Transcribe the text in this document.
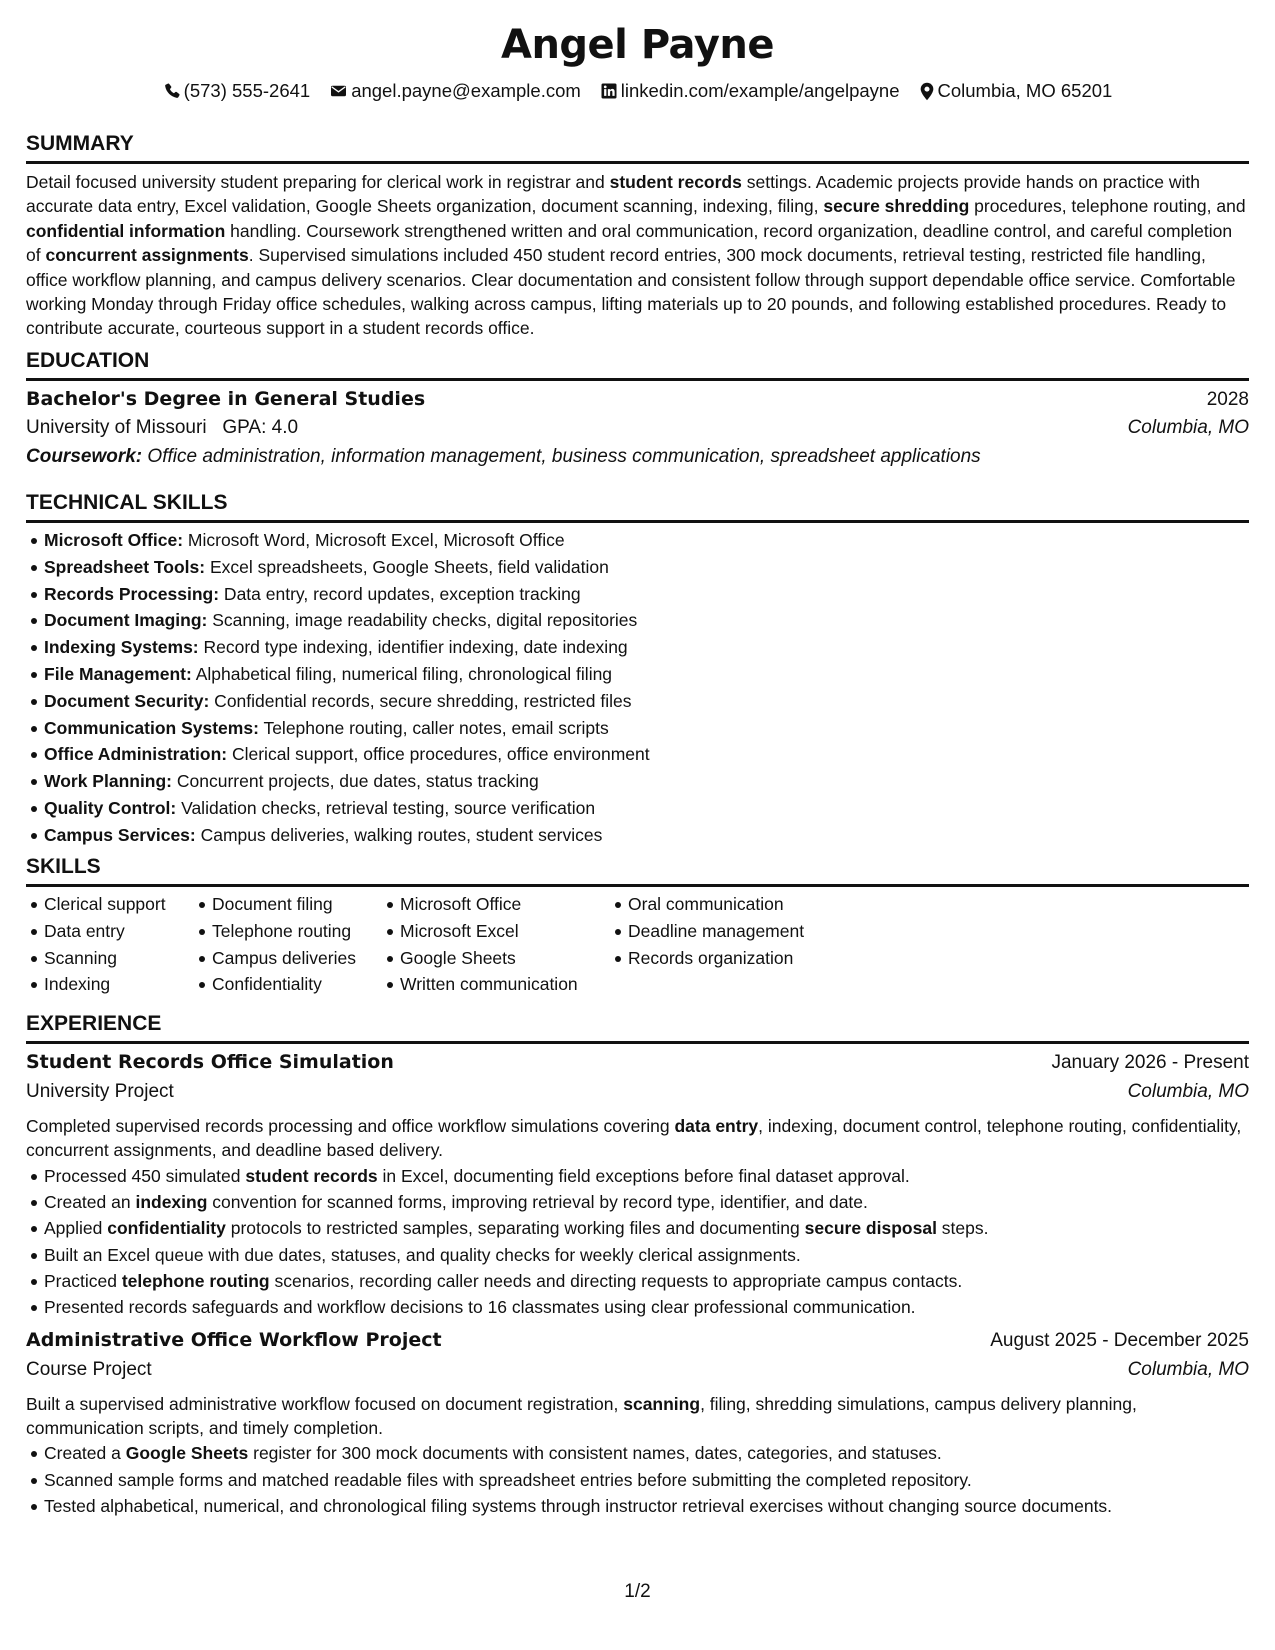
Angel Payne
(573) 555-2641 angel.payne@example.com linkedin.com/example/angelpayne Columbia, MO 65201
SUMMARY

Detail focused university student preparing for clerical work in registrar and student records settings. Academic projects provide hands on practice with accurate data entry, Excel validation, Google Sheets organization, document scanning, indexing, filing, secure shredding procedures, telephone routing, and confidential information handling. Coursework strengthened written and oral communication, record organization, deadline control, and careful completion of concurrent assignments. Supervised simulations included 450 student record entries, 300 mock documents, retrieval testing, restricted file handling, office workflow planning, and campus delivery scenarios. Clear documentation and consistent follow through support dependable office service. Comfortable working Monday through Friday office schedules, walking across campus, lifting materials up to 20 pounds, and following established procedures. Ready to contribute accurate, courteous support in a student records office.

EDUCATION
Bachelor's Degree in General Studies	2028
University of Missouri GPA: 4.0	Columbia, MO
Coursework: Office administration, information management, business communication, spreadsheet applications
TECHNICAL SKILLS
Microsoft Office: Microsoft Word, Microsoft Excel, Microsoft Office
Spreadsheet Tools: Excel spreadsheets, Google Sheets, field validation
Records Processing: Data entry, record updates, exception tracking
Document Imaging: Scanning, image readability checks, digital repositories
Indexing Systems: Record type indexing, identifier indexing, date indexing
File Management: Alphabetical filing, numerical filing, chronological filing
Document Security: Confidential records, secure shredding, restricted files
Communication Systems: Telephone routing, caller notes, email scripts
Office Administration: Clerical support, office procedures, office environment
Work Planning: Concurrent projects, due dates, status tracking
Quality Control: Validation checks, retrieval testing, source verification
Campus Services: Campus deliveries, walking routes, student services
SKILLS
Clerical support
Data entry
Scanning
Indexing
Document filing
Telephone routing
Campus deliveries
Confidentiality
Microsoft Office
Microsoft Excel
Google Sheets
Written communication
Oral communication
Deadline management
Records organization
EXPERIENCE
Student Records Office Simulation	January 2026 - Present
University Project	Columbia, MO

Completed supervised records processing and office workflow simulations covering data entry, indexing, document control, telephone routing, confidentiality, concurrent assignments, and deadline based delivery.

Processed 450 simulated student records in Excel, documenting field exceptions before final dataset approval.
Created an indexing convention for scanned forms, improving retrieval by record type, identifier, and date.
Applied confidentiality protocols to restricted samples, separating working files and documenting secure disposal steps.
Built an Excel queue with due dates, statuses, and quality checks for weekly clerical assignments.
Practiced telephone routing scenarios, recording caller needs and directing requests to appropriate campus contacts.
Presented records safeguards and workflow decisions to 16 classmates using clear professional communication.
Administrative Office Workflow Project	August 2025 - December 2025
Course Project	Columbia, MO

Built a supervised administrative workflow focused on document registration, scanning, filing, shredding simulations, campus delivery planning, communication scripts, and timely completion.

Created a Google Sheets register for 300 mock documents with consistent names, dates, categories, and statuses.
Scanned sample forms and matched readable files with spreadsheet entries before submitting the completed repository.
Tested alphabetical, numerical, and chronological filing systems through instructor retrieval exercises without changing source documents.
1/2
